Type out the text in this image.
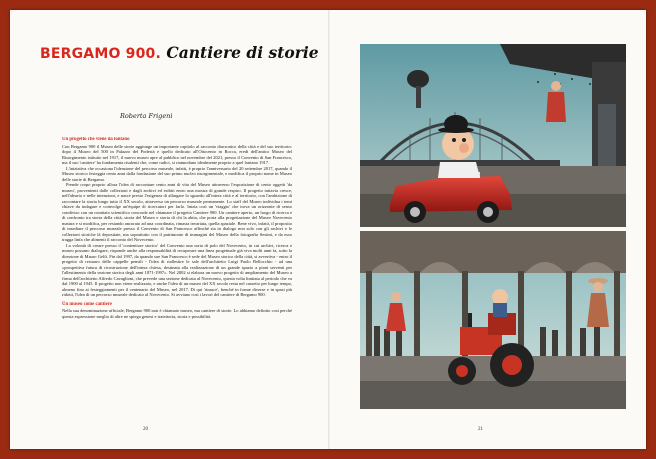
BERGAMO 900. Cantiere di storie
Roberta Frigeni
Un progetto che viene da lontano

Con Bergamo 900 il Museo delle storie aggiunge un importante capitolo al racconto diacronico della città e del suo territorio: dopo il Museo del 500 in Palazzo del Podestà e quello dedicato all'Ottocento in Rocca, eredi dell'antico Museo del Risorgimento istituito nel 1917, il nuovo museo apre al pubblico nel novembre del 2021, presso il Convento di San Francesco, ma il suo 'cantiere' ha fondamenta risalenti che, come radici, si riannodano idealmente proprio a quel lontano 1917.

L'iniziativa che occasiona l'ideazione del percorso museale, infatti, è proprio l'anniversario del 20 settembre 2017, quando il Museo storico festeggia cento anni dalla fondazione del suo primo nucleo risorgimentale, e modifica il proprio nome in Museo delle storie di Bergamo.

Prende corpo proprio allora l'idea di raccontare cento anni di vita del Museo attraverso l'esposizione di cento oggetti 'da museo', provenienti dalle collezioni e dagli archivi ed esibiti entro una mostra di grande respiro. Il progetto tuttavia cresce, nell'ideario e nelle intenzioni, e nasce presto l'esigenza di allargare lo sguardo all'intera città e al territorio, con l'ambizione di raccontare la storia lungo tutto il XX secolo, attraverso un percorso museale permanente. Lo staff del Museo individua i temi chiave da indagare e coinvolge un'équipe di ricercatori per farlo. Inizia così un 'viaggio' che trova un orizzonte di senso condiviso con un comitato scientifico concorde nel chiamare il progetto Cantiere 900. Un cantiere aperto, un luogo di ricerca e di confronto tra storia della città, storia del Museo e storia di chi la abita, che porta alla progettazione del Museo Novecento matura e si modifica, per restando ancorato ad una coordinata, rimasta invariata, quella spaziale. Bene vivo, infatti, il proposito di insediare il percorso museale presso il Convento di San Francesco affinché sia in dialogo non solo con gli archivi e le collezioni storiche là depositate, ma soprattutto con il patrimonio di immagini del Museo della fotografia Sestini, e da esso tragga linfa che alimenti il racconto del Novecento.

La volontà di creare presso il 'contenitore storico' del Convento una sorta di polo del Novecento, in cui archivi, ricerca e museo possano dialogare, risponde anche alla responsabilità di recuperare una linea progettuale già viva molti anni fa, sotto la direzione di Mauro Gelfi. Fin dal 1997, da quando sue San Francesco è sede del Museo storico della città, si avvertiva - entro il progetto di restauro delle cappelle pensili - l'idea di riallestire le sale dell'architetto Luigi Paolo Bellocchio - ad una «prospettiva futura di ricostruzione dell'intera chiesa, destinata alla realizzazione di un grande spazio a piani serventi per l'allestimento della sezione storica degli anni 1871-1997». Nel 2002 si elabora un nuovo progetto di ampliamento del Museo a firma dell'architetto Alfredo Cavaglioni, che prevede una sezione dedicata al Novecento, questa volta limitata al periodo che va dal 1900 al 1945. Il progetto non viene realizzato, e anche l'idea di un museo del XX secolo resta nel cassetto per lungo tempo, almeno fino ai festeggiamenti per il centenario del Museo, nel 2017. Di qui 'rinasce', benché in forme diverse e in spazi più ridotti, l'idea di un percorso museale dedicato al Novecento. Si avviano così i lavori del cantiere di Bergamo 900.

Un museo come cantiere

Nella sua denominazione ufficiale, Bergamo 900 non è chiamato museo, ma cantiere di storie. Lo abbiamo definito così perché questa espressione meglio di altre ne spiega genesi e traiettoria, storia e possibilità.

20	21
